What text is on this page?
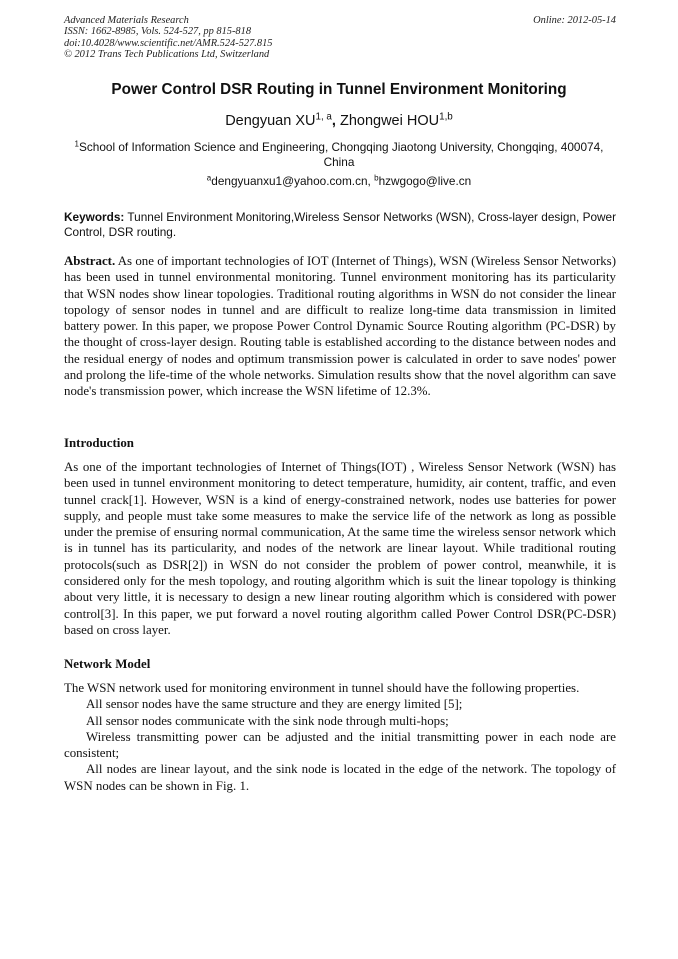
Advanced Materials Research
ISSN: 1662-8985, Vols. 524-527, pp 815-818
doi:10.4028/www.scientific.net/AMR.524-527.815
© 2012 Trans Tech Publications Ltd, Switzerland
Online: 2012-05-14
Power Control DSR Routing in Tunnel Environment Monitoring
Dengyuan XU$^{1, a}$, Zhongwei HOU$^{1,b}$
$^1$School of Information Science and Engineering, Chongqing Jiaotong University, Chongqing, 400074, China
$^a$dengyuanxu1@yahoo.com.cn, $^b$hzwgogo@live.cn
Keywords: Tunnel Environment Monitoring,Wireless Sensor Networks (WSN), Cross-layer design, Power Control, DSR routing.
Abstract. As one of important technologies of IOT (Internet of Things), WSN (Wireless Sensor Networks) has been used in tunnel environmental monitoring. Tunnel environment monitoring has its particularity that WSN nodes show linear topologies. Traditional routing algorithms in WSN do not consider the linear topology of sensor nodes in tunnel and are difficult to realize long-time data transmission in limited battery power. In this paper, we propose Power Control Dynamic Source Routing algorithm (PC-DSR) by the thought of cross-layer design. Routing table is established according to the distance between nodes and the residual energy of nodes and optimum transmission power is calculated in order to save nodes' power and prolong the life-time of the whole networks. Simulation results show that the novel algorithm can save node's transmission power, which increase the WSN lifetime of 12.3%.
Introduction
As one of the important technologies of Internet of Things(IOT) , Wireless Sensor Network (WSN) has been used in tunnel environment monitoring to detect temperature, humidity, air content, traffic, and even tunnel crack[1]. However, WSN is a kind of energy-constrained network, nodes use batteries for power supply, and people must take some measures to make the service life of the network as long as possible under the premise of ensuring normal communication, At the same time the wireless sensor network which is in tunnel has its particularity, and nodes of the network are linear layout. While traditional routing protocols(such as DSR[2]) in WSN do not consider the problem of power control, meanwhile, it is considered only for the mesh topology, and routing algorithm which is suit the linear topology is thinking about very little, it is necessary to design a new linear routing algorithm which is considered with power control[3]. In this paper, we put forward a novel routing algorithm called Power Control DSR(PC-DSR) based on cross layer.
Network Model

The WSN network used for monitoring environment in tunnel should have the following properties.

All sensor nodes have the same structure and they are energy limited [5];

All sensor nodes communicate with the sink node through multi-hops;

Wireless transmitting power can be adjusted and the initial transmitting power in each node are consistent;

All nodes are linear layout, and the sink node is located in the edge of the network. The topology of WSN nodes can be shown in Fig. 1.
